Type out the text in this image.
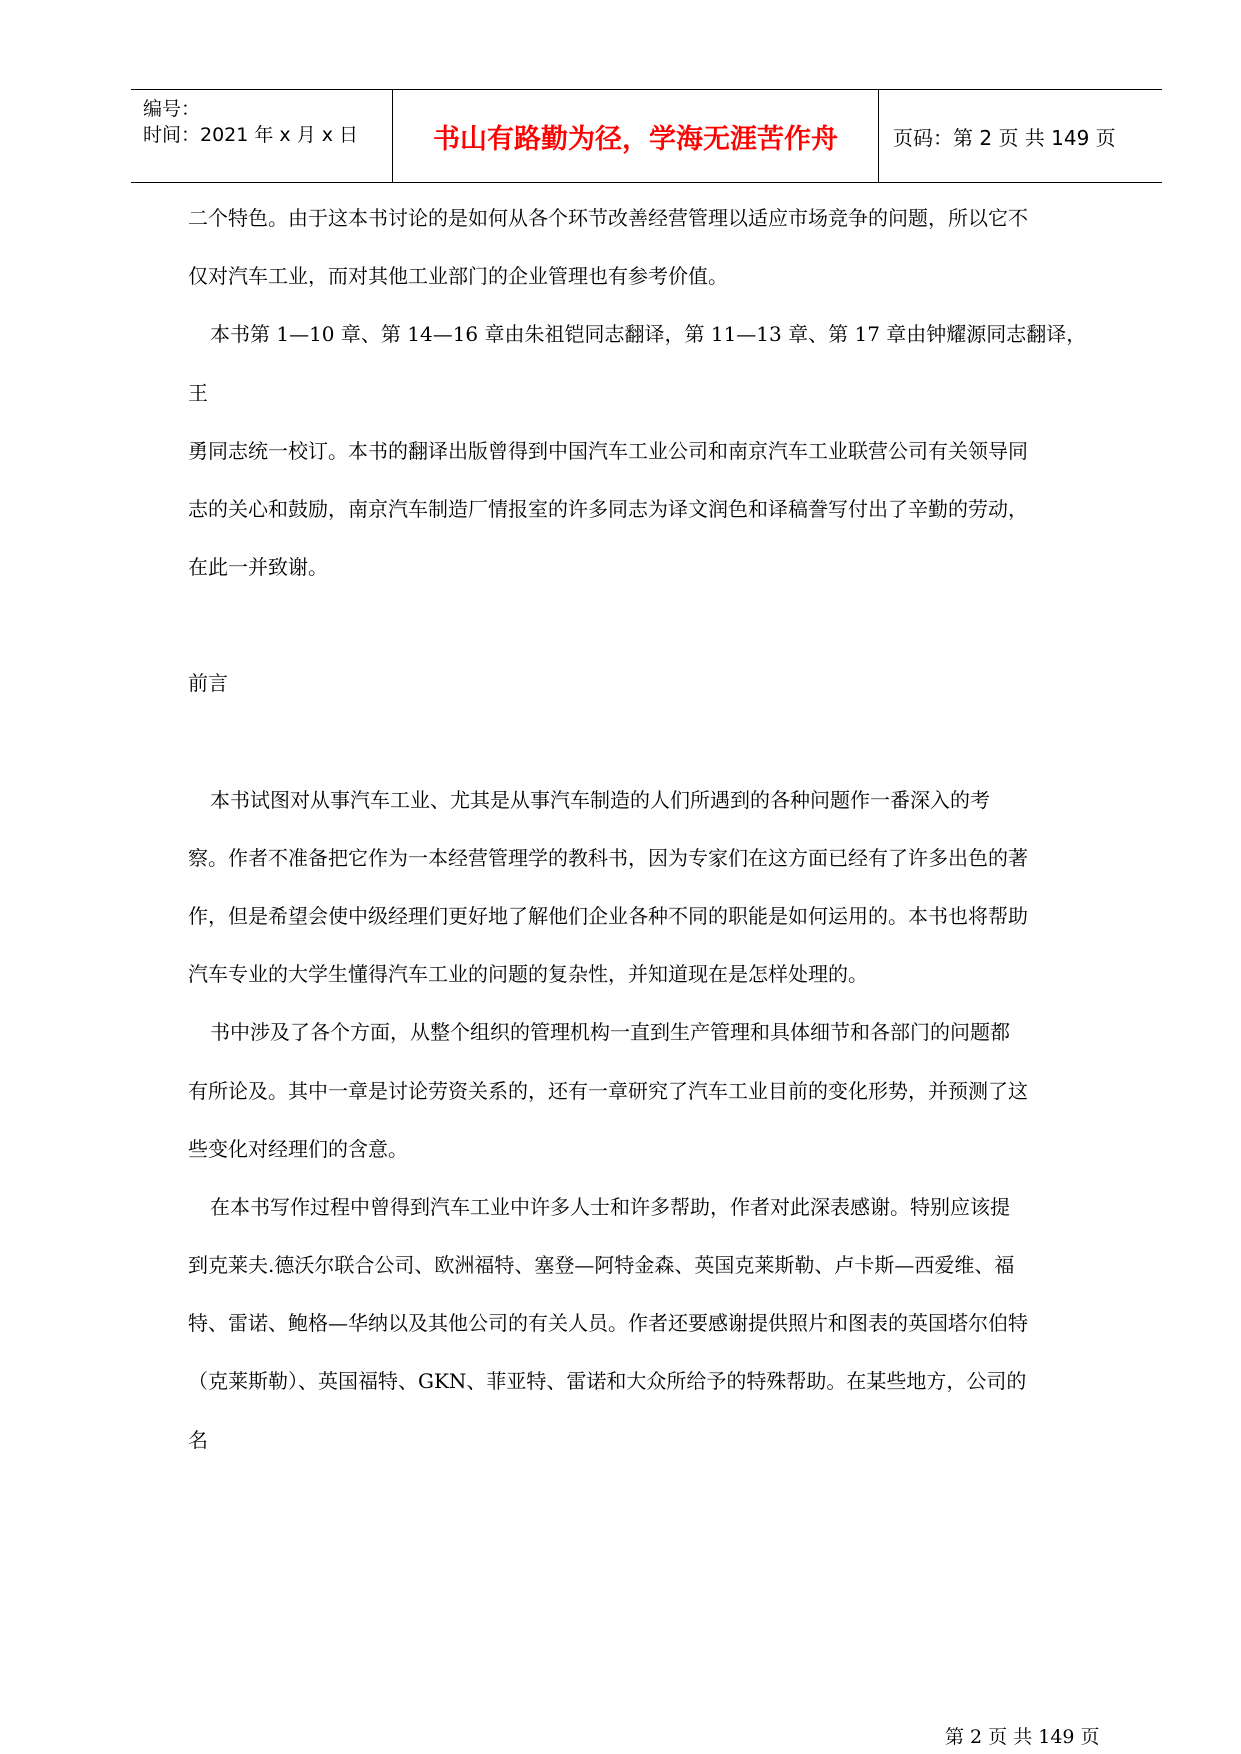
编号：
时间：2021 年 x 月 x 日	书山有路勤为径，学海无涯苦作舟	页码：第 2 页 共 149 页
二个特色。由于这本书讨论的是如何从各个环节改善经营管理以适应市场竞争的问题，所以它不
仅对汽车工业，而对其他工业部门的企业管理也有参考价值。
本书第 1—10 章、第 14—16 章由朱祖铠同志翻译，第 11—13 章、第 17 章由钟耀源同志翻译，
王
勇同志统一校订。本书的翻译出版曾得到中国汽车工业公司和南京汽车工业联营公司有关领导同
志的关心和鼓励，南京汽车制造厂情报室的许多同志为译文润色和译稿誊写付出了辛勤的劳动，
在此一并致谢。
前言
本书试图对从事汽车工业、尤其是从事汽车制造的人们所遇到的各种问题作一番深入的考
察。作者不准备把它作为一本经营管理学的教科书，因为专家们在这方面已经有了许多出色的著
作，但是希望会使中级经理们更好地了解他们企业各种不同的职能是如何运用的。本书也将帮助
汽车专业的大学生懂得汽车工业的问题的复杂性，并知道现在是怎样处理的。
书中涉及了各个方面，从整个组织的管理机构一直到生产管理和具体细节和各部门的问题都
有所论及。其中一章是讨论劳资关系的，还有一章研究了汽车工业目前的变化形势，并预测了这
些变化对经理们的含意。
在本书写作过程中曾得到汽车工业中许多人士和许多帮助，作者对此深表感谢。特别应该提
到克莱夫.德沃尔联合公司、欧洲福特、塞登—阿特金森、英国克莱斯勒、卢卡斯—西爱维、福
特、雷诺、鲍格—华纳以及其他公司的有关人员。作者还要感谢提供照片和图表的英国塔尔伯特
（克莱斯勒）、英国福特、GKN、菲亚特、雷诺和大众所给予的特殊帮助。在某些地方，公司的
名
第 2 页 共 149 页
